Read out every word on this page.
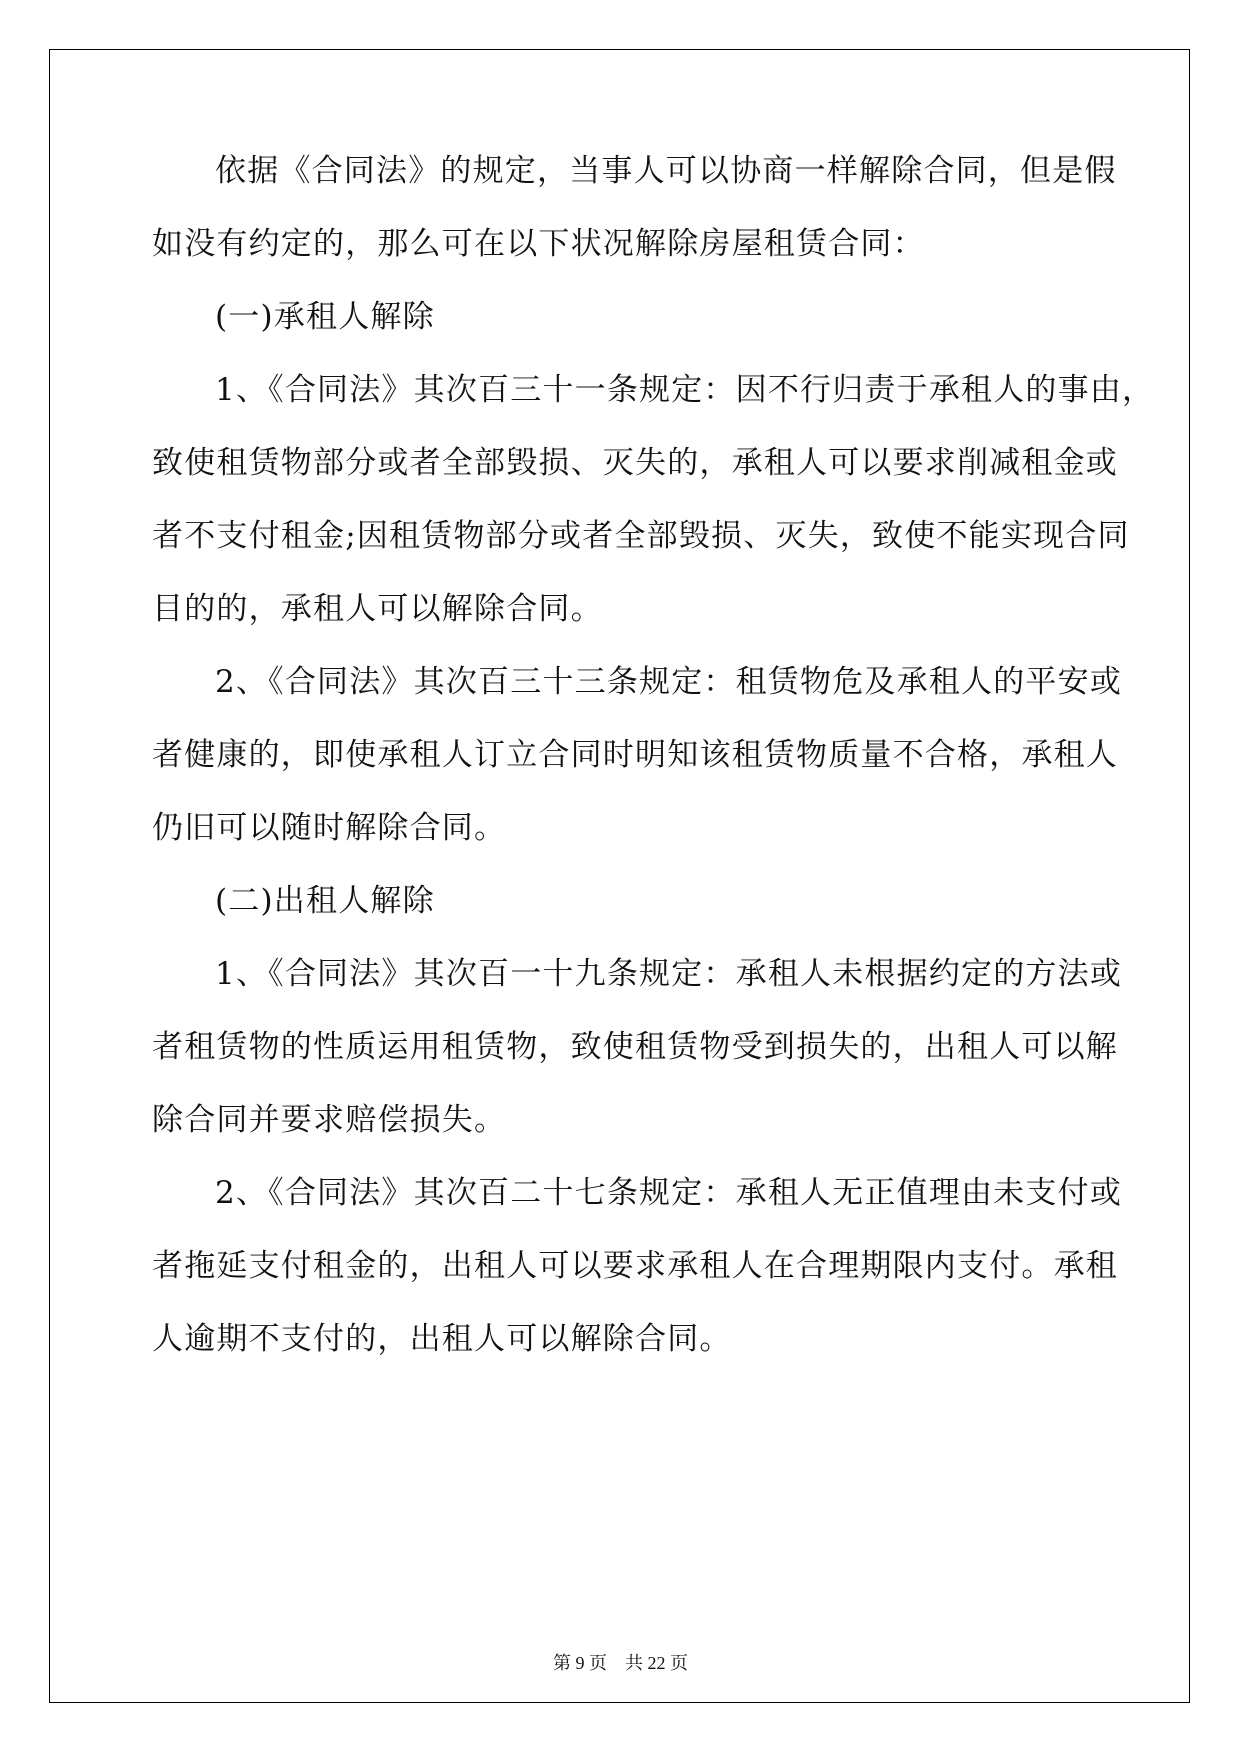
依据《合同法》的规定，当事人可以协商一样解除合同，但是假
如没有约定的，那么可在以下状况解除房屋租赁合同：
(一)承租人解除
1、《合同法》其次百三十一条规定：因不行归责于承租人的事由，
致使租赁物部分或者全部毁损、灭失的，承租人可以要求削减租金或
者不支付租金;因租赁物部分或者全部毁损、灭失，致使不能实现合同
目的的，承租人可以解除合同。
2、《合同法》其次百三十三条规定：租赁物危及承租人的平安或
者健康的，即使承租人订立合同时明知该租赁物质量不合格，承租人
仍旧可以随时解除合同。
(二)出租人解除
1、《合同法》其次百一十九条规定：承租人未根据约定的方法或
者租赁物的性质运用租赁物，致使租赁物受到损失的，出租人可以解
除合同并要求赔偿损失。
2、《合同法》其次百二十七条规定：承租人无正值理由未支付或
者拖延支付租金的，出租人可以要求承租人在合理期限内支付。承租
人逾期不支付的，出租人可以解除合同。
第 9 页    共 22 页
